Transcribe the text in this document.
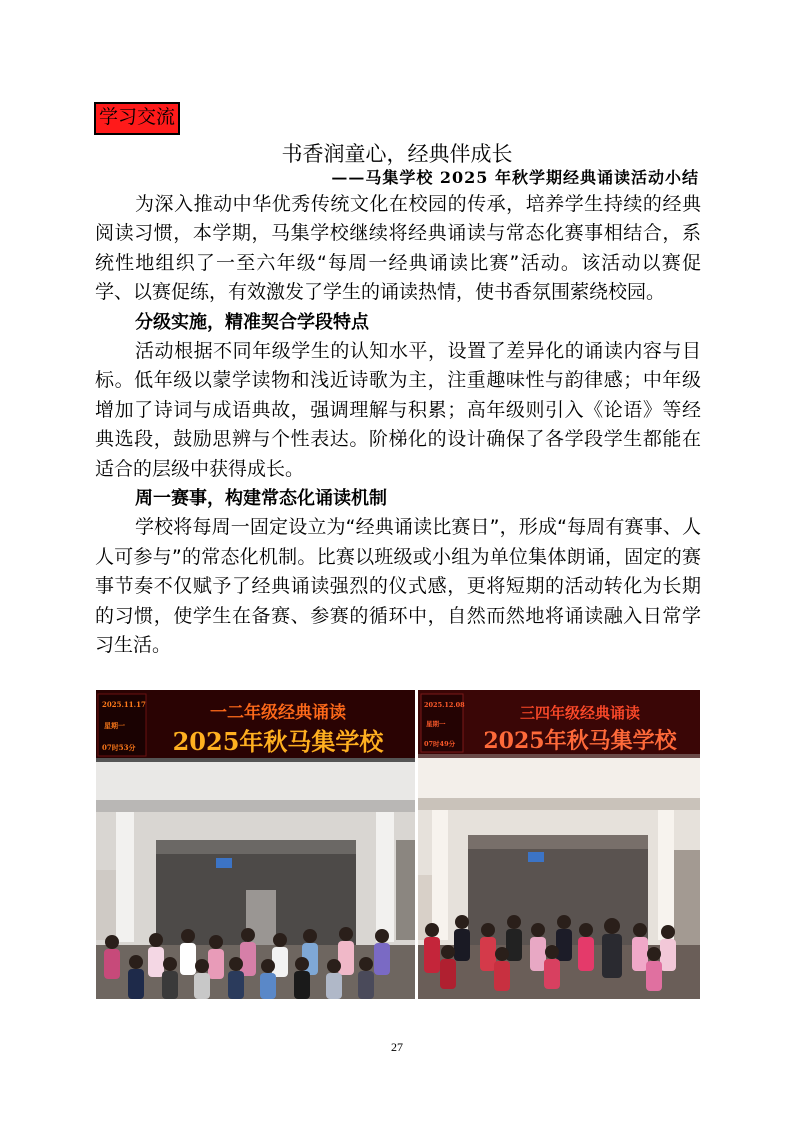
学习交流
书香润童心，经典伴成长
——马集学校 2025 年秋学期经典诵读活动小结

为深入推动中华优秀传统文化在校园的传承，培养学生持续的经典阅读习惯，本学期，马集学校继续将经典诵读与常态化赛事相结合，系统性地组织了一至六年级“每周一经典诵读比赛”活动。该活动以赛促学、以赛促练，有效激发了学生的诵读热情，使书香氛围萦绕校园。

分级实施，精准契合学段特点

活动根据不同年级学生的认知水平，设置了差异化的诵读内容与目标。低年级以蒙学读物和浅近诗歌为主，注重趣味性与韵律感；中年级增加了诗词与成语典故，强调理解与积累；高年级则引入《论语》等经典选段，鼓励思辨与个性表达。阶梯化的设计确保了各学段学生都能在适合的层级中获得成长。

周一赛事，构建常态化诵读机制

学校将每周一固定设立为“经典诵读比赛日”，形成“每周有赛事、人人可参与”的常态化机制。比赛以班级或小组为单位集体朗诵，固定的赛事节奏不仅赋予了经典诵读强烈的仪式感，更将短期的活动转化为长期的习惯，使学生在备赛、参赛的循环中，自然而然地将诵读融入日常学习生活。

2025.11.17
星期一
07时53分
一二年级经典诵读
2025年秋马集学校
2025.12.08
星期一
07时49分
三四年级经典诵读
2025年秋马集学校
27
